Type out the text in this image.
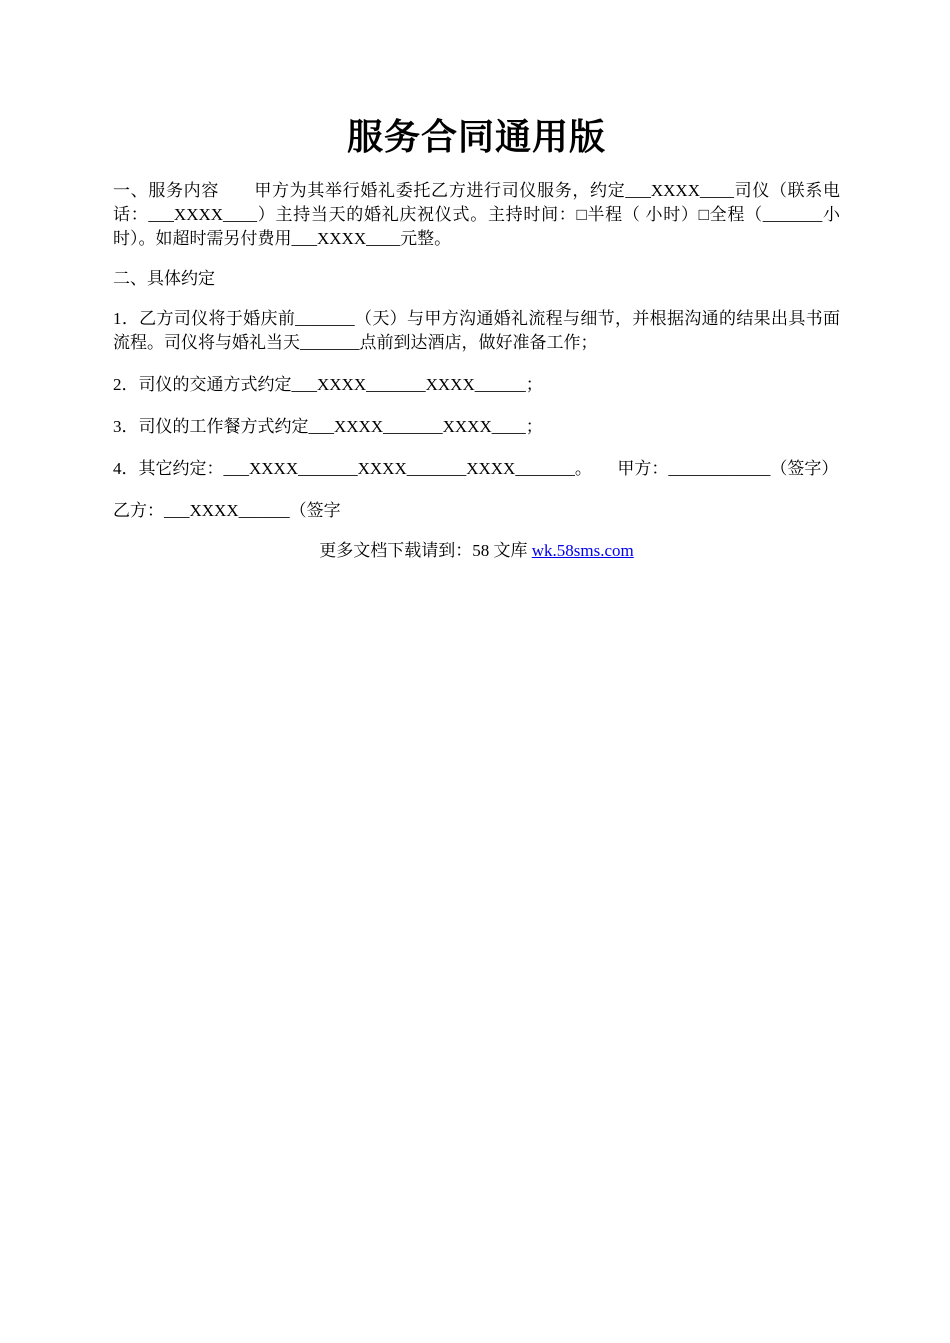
服务合同通用版

一、服务内容　　甲方为其举行婚礼委托乙方进行司仪服务，约定___XXXX____司仪（联系电话：___XXXX____）主持当天的婚礼庆祝仪式。主持时间：□半程（ 小时）□全程（_______小时）。如超时需另付费用___XXXX____元整。

二、具体约定

1．乙方司仪将于婚庆前_______（天）与甲方沟通婚礼流程与细节，并根据沟通的结果出具书面流程。司仪将与婚礼当天_______点前到达酒店，做好准备工作；

2．司仪的交通方式约定___XXXX_______XXXX______；

3．司仪的工作餐方式约定___XXXX_______XXXX____；

4．其它约定：___XXXX_______XXXX_______XXXX_______。　　甲方：____________（签字）

乙方：___XXXX______（签字

更多文档下载请到：58 文库 wk.58sms.com
